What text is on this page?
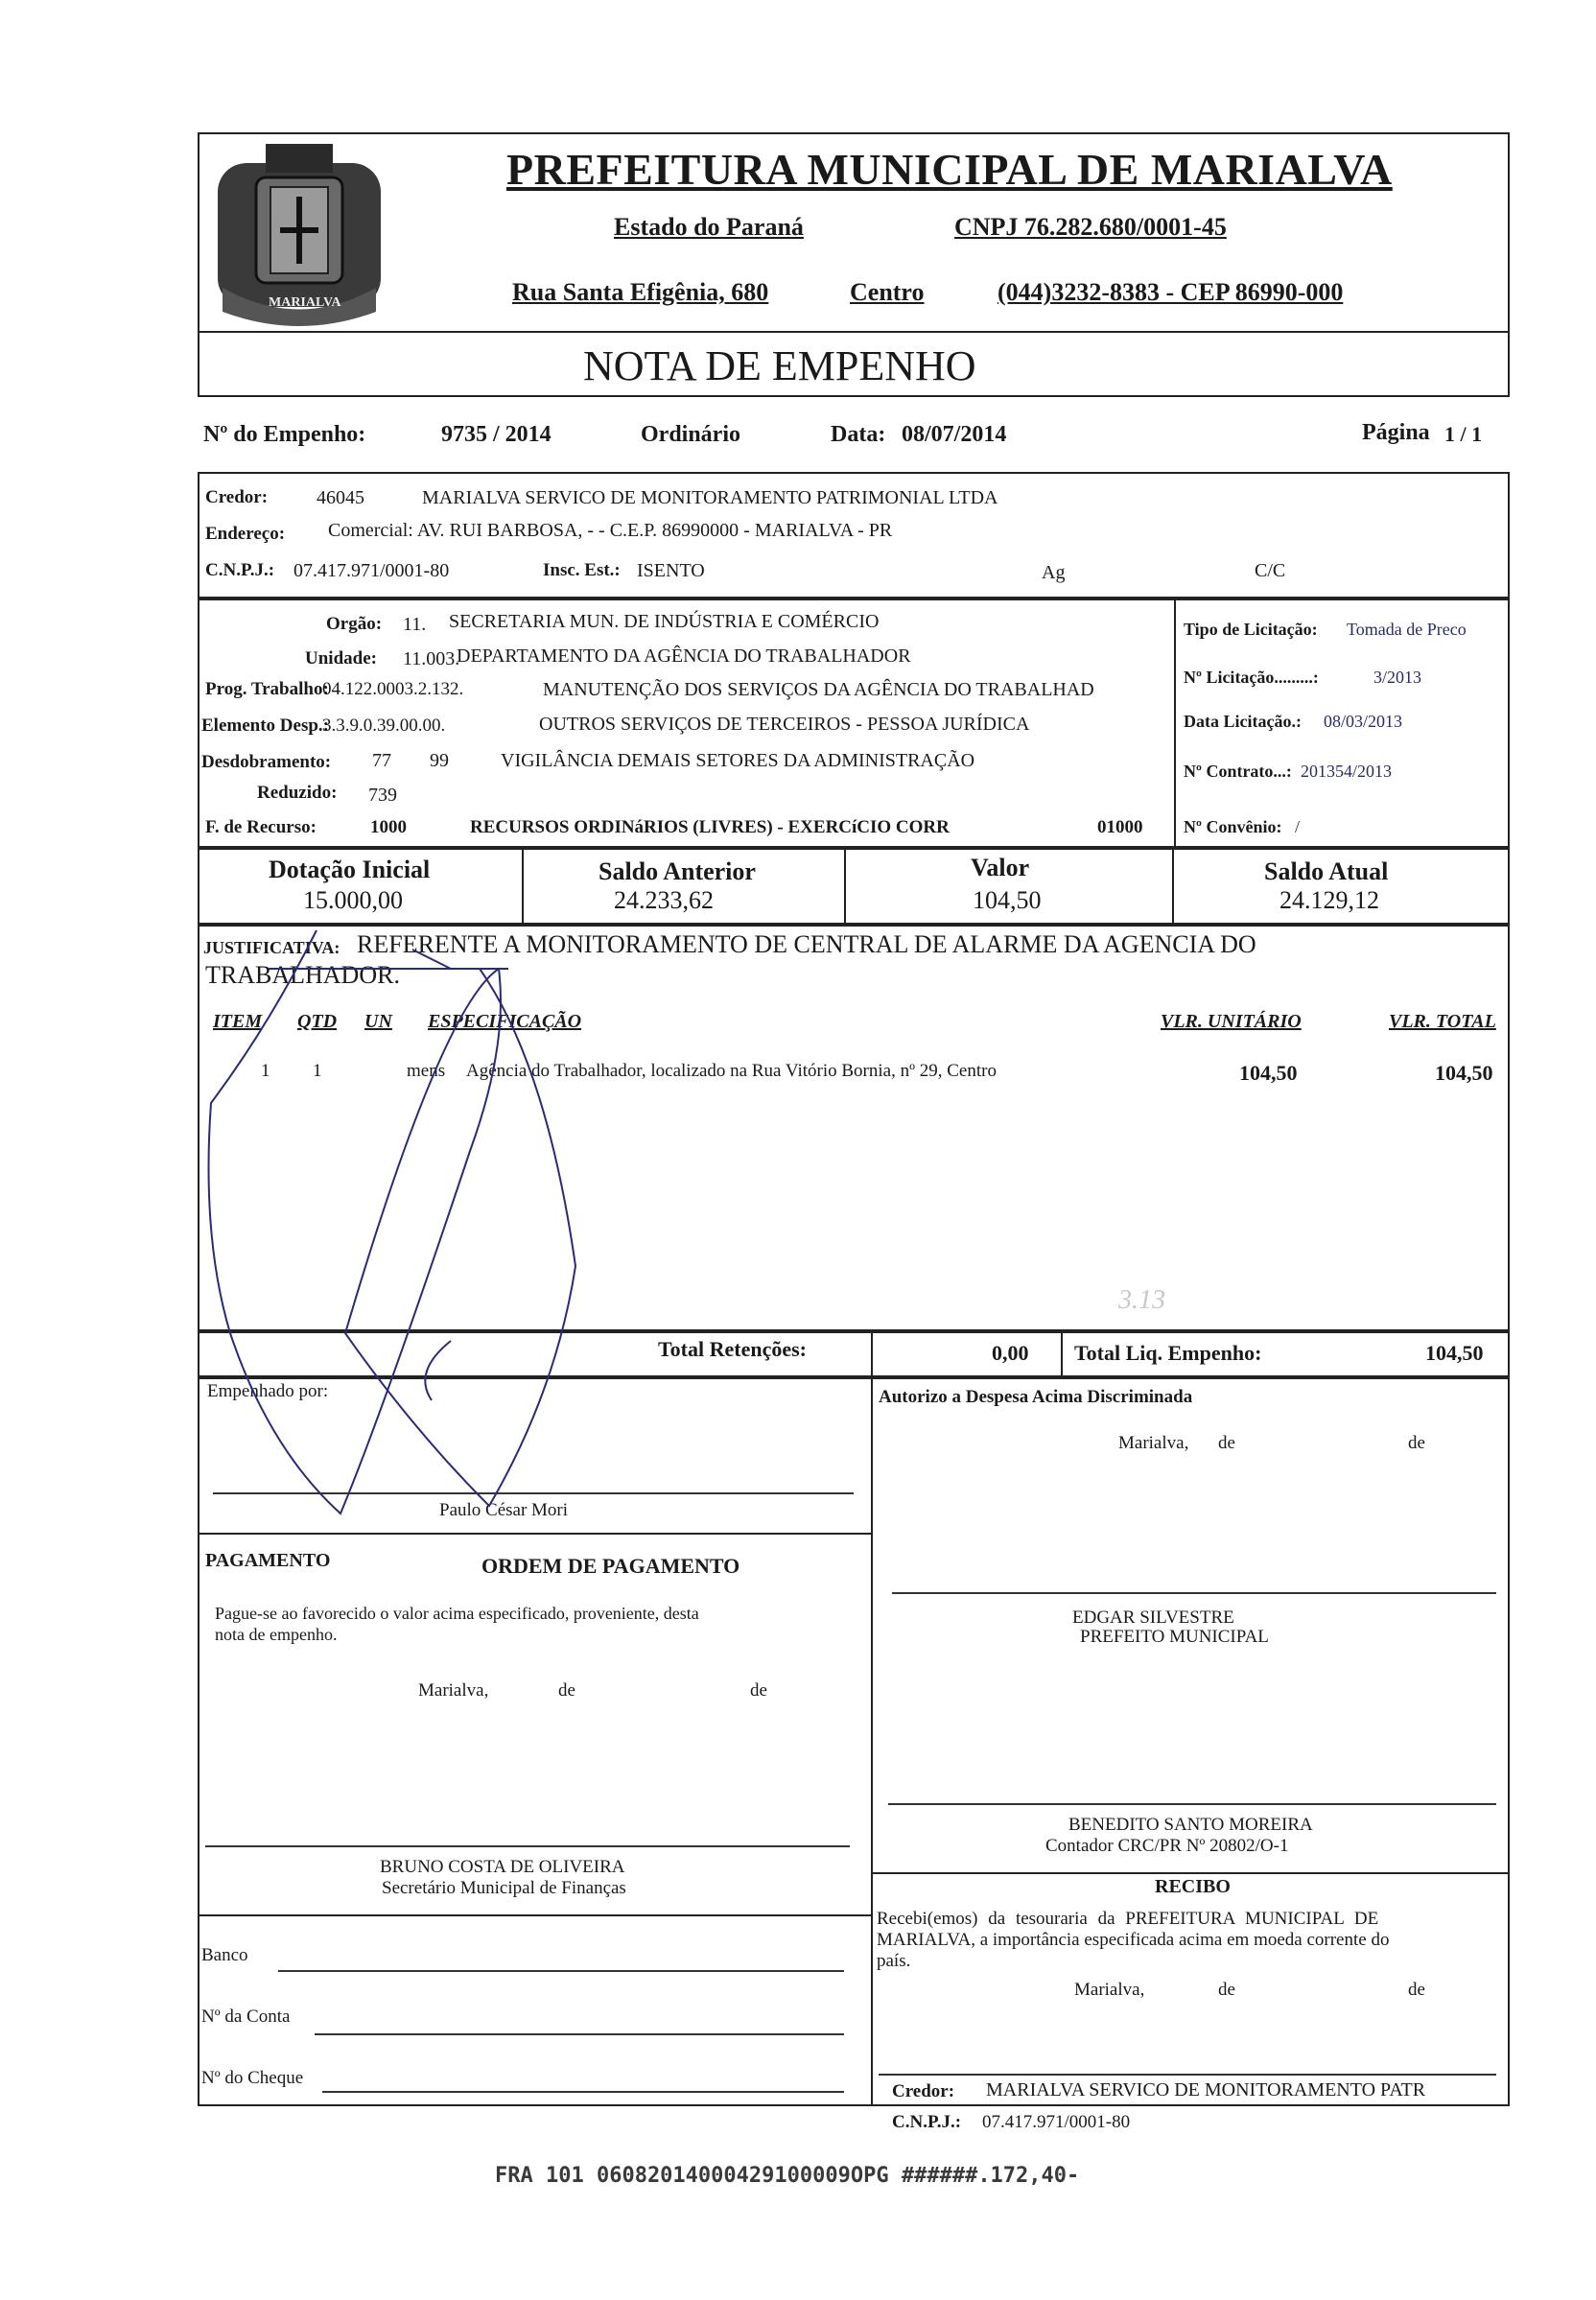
MARIALVA
PREFEITURA MUNICIPAL DE MARIALVA
Estado do Paraná	CNPJ 76.282.680/0001-45
Rua Santa Efigênia, 680	Centro	(044)3232-8383 - CEP 86990-000
NOTA DE EMPENHO
Nº do Empenho:	9735 / 2014	Ordinário	Data: 08/07/2014	Página 1 / 1
Credor:	46045	MARIALVA SERVICO DE MONITORAMENTO PATRIMONIAL LTDA
Endereço: Comercial: AV. RUI BARBOSA, - - C.E.P. 86990000 - MARIALVA - PR
C.N.P.J.: 07.417.971/0001-80	Insc. Est.: ISENTO	Ag	C/C
Orgão: 11. SECRETARIA MUN. DE INDÚSTRIA E COMÉRCIO
Unidade: 11.003.
DEPARTAMENTO DA AGÊNCIA DO TRABALHADOR
Prog. Trabalho:
04.122.0003.2.132.	MANUTENÇÃO DOS SERVIÇOS DA AGÊNCIA DO TRABALHAD
Elemento Desp.:
3.3.9.0.39.00.00.	OUTROS SERVIÇOS DE TERCEIROS - PESSOA JURÍDICA
Desdobramento: 77 99	VIGILÂNCIA DEMAIS SETORES DA ADMINISTRAÇÃO
Reduzido: 739
F. de Recurso:	1000	RECURSOS ORDINáRIOS (LIVRES) - EXERCíCIO CORR	01000
Tipo de Licitação: Tomada de Preco
Nº Licitação.........:	3/2013
Data Licitação.: 08/03/2013
Nº Contrato...: 201354/2013
Nº Convênio: /
Dotação Inicial
15.000,00
Saldo Anterior
24.233,62
Valor
104,50
Saldo Atual
24.129,12
JUSTIFICATIVA: REFERENTE A MONITORAMENTO DE CENTRAL DE ALARME DA AGENCIA DO
TRABALHADOR.
ITEM QTD UN ESPECIFICAÇÃO	VLR. UNITÁRIO	VLR. TOTAL
1 1	mens Agência do Trabalhador, localizado na Rua Vitório Bornia, nº 29, Centro	104,50	104,50
3.13
Total Retenções:	0,00 Total Liq. Empenho:	104,50
Empenhado por:
Paulo César Mori
Autorizo a Despesa Acima Discriminada
Marialva, de	de
PAGAMENTO	ORDEM DE PAGAMENTO
Pague-se ao favorecido o valor acima especificado, proveniente, desta
nota de empenho.
Marialva,	de	de
EDGAR SILVESTRE
PREFEITO MUNICIPAL
BENEDITO SANTO MOREIRA
Contador CRC/PR Nº 20802/O-1
BRUNO COSTA DE OLIVEIRA
Secretário Municipal de Finanças	RECIBO
Recebi(emos) da tesouraria da PREFEITURA MUNICIPAL DE
MARIALVA, a importância especificada acima em moeda corrente do
país.
Marialva,	de	de
Banco
Nº da Conta
Nº do Cheque
Credor: MARIALVA SERVICO DE MONITORAMENTO PATR
C.N.P.J.: 07.417.971/0001-80
FRA 101 06082014000429100009OPG ######.172,40-
